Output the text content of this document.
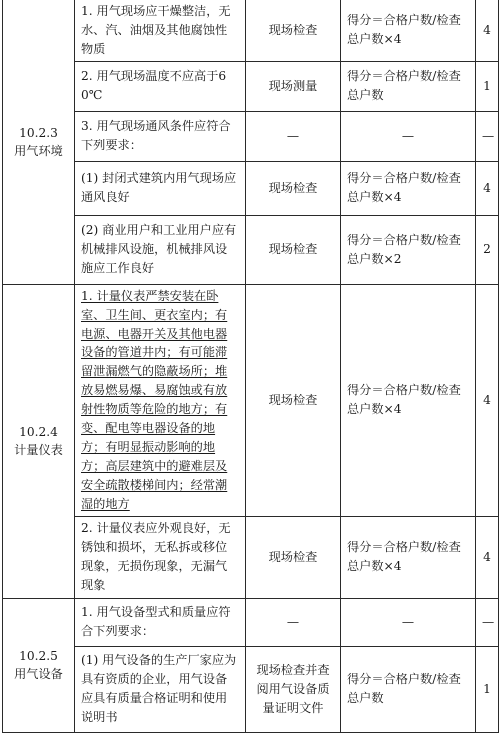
10.2.3
用气环境	1. 用气现场应干燥整洁，无水、汽、油烟及其他腐蚀性物质	现场检查	得分＝合格户数/检查总户数×4	4
	2. 用气现场温度不应高于60℃	现场测量	得分＝合格户数/检查总户数	1
	3. 用气现场通风条件应符合下列要求：	—	—	—
	(1) 封闭式建筑内用气现场应通风良好	现场检查	得分＝合格户数/检查总户数×4	4
	(2) 商业用户和工业用户应有机械排风设施，机械排风设施应工作良好	现场检查	得分＝合格户数/检查总户数×2	2

10.2.4
计量仪表	1. 计量仪表严禁安装在卧室、卫生间、更衣室内；有电源、电器开关及其他电器设备的管道井内；有可能滞留泄漏燃气的隐蔽场所；堆放易燃易爆、易腐蚀或有放射性物质等危险的地方；有变、配电等电器设备的地方；有明显振动影响的地方；高层建筑中的避难层及安全疏散楼梯间内；经常潮湿的地方	现场检查	得分＝合格户数/检查总户数×4	4
	2. 计量仪表应外观良好，无锈蚀和损坏，无私拆或移位现象，无损伤现象，无漏气现象	现场检查	得分＝合格户数/检查总户数×4	4

10.2.5
用气设备	1. 用气设备型式和质量应符合下列要求：	—	—	—
	(1) 用气设备的生产厂家应为具有资质的企业，用气设备应具有质量合格证明和使用说明书	现场检查并查阅用气设备质量证明文件	得分＝合格户数/检查总户数	1
